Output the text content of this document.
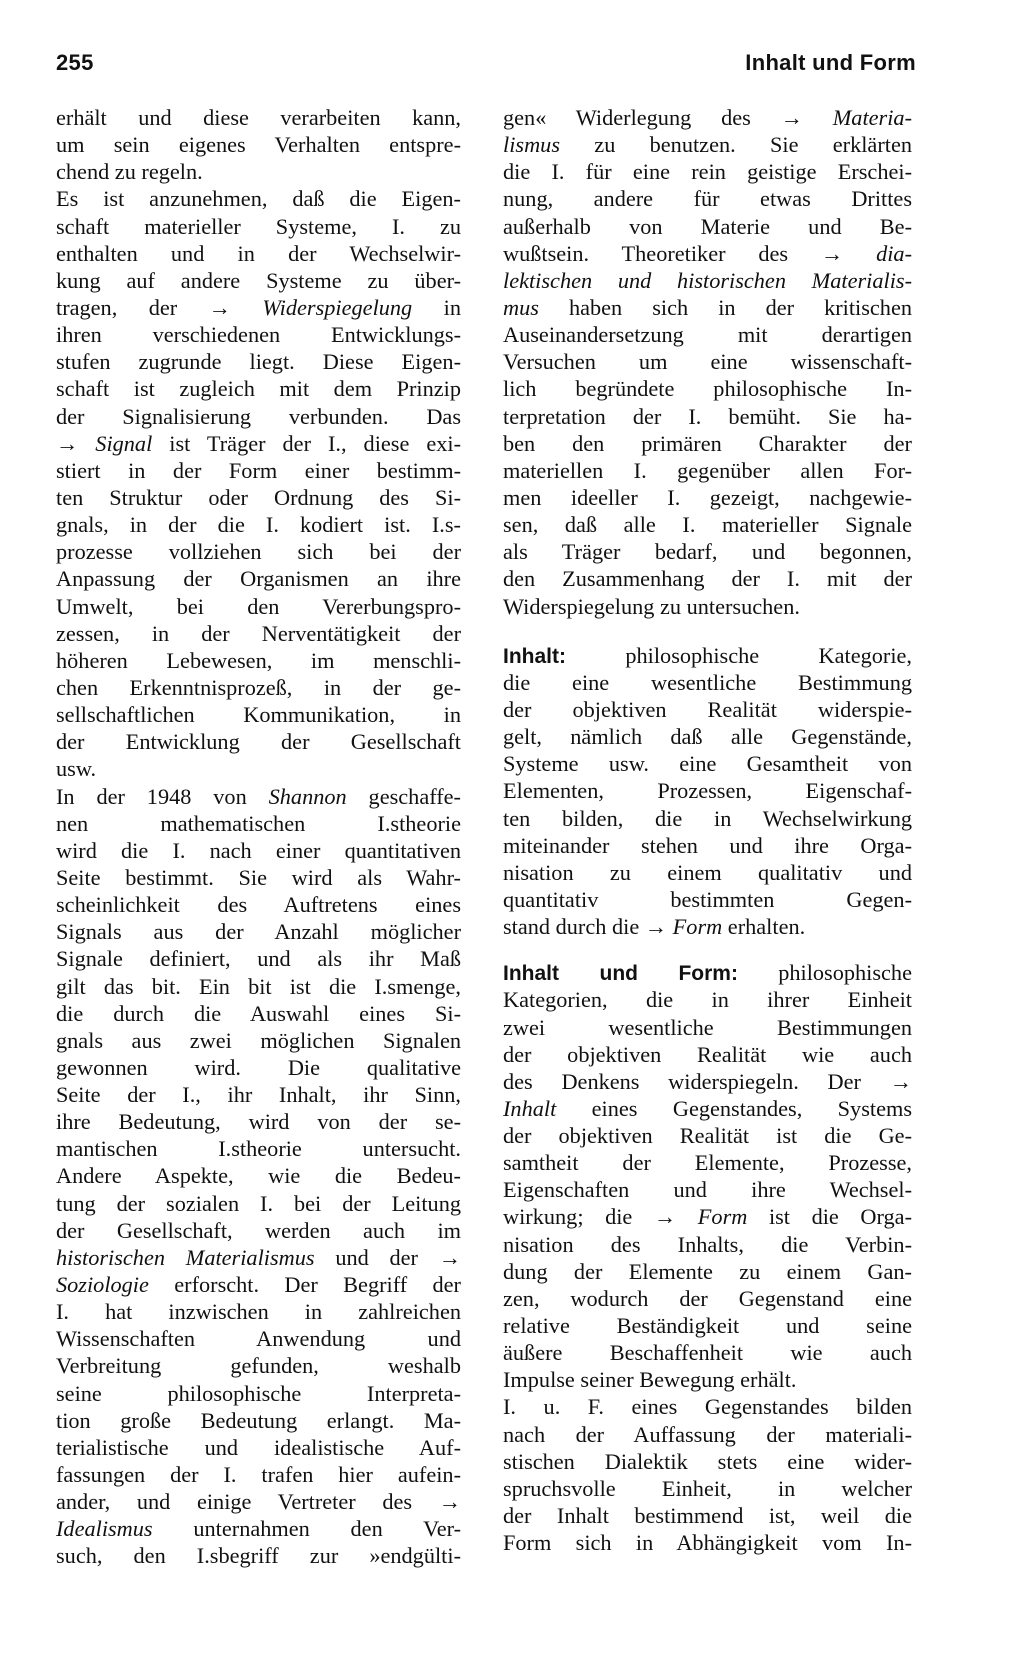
255	Inhalt und Form
erhält und diese verarbeiten kann,
um sein eigenes Verhalten entspre-
chend zu regeln.
Es ist anzunehmen, daß die Eigen-
schaft materieller Systeme, I. zu
enthalten und in der Wechselwir-
kung auf andere Systeme zu über-
tragen, der → Widerspiegelung in
ihren verschiedenen Entwicklungs-
stufen zugrunde liegt. Diese Eigen-
schaft ist zugleich mit dem Prinzip
der Signalisierung verbunden. Das
→ Signal ist Träger der I., diese exi-
stiert in der Form einer bestimm-
ten Struktur oder Ordnung des Si-
gnals, in der die I. kodiert ist. I.s-
prozesse vollziehen sich bei der
Anpassung der Organismen an ihre
Umwelt, bei den Vererbungspro-
zessen, in der Nerventätigkeit der
höheren Lebewesen, im menschli-
chen Erkenntnisprozeß, in der ge-
sellschaftlichen Kommunikation, in
der Entwicklung der Gesellschaft
usw.
In der 1948 von Shannon geschaffe-
nen mathematischen I.stheorie
wird die I. nach einer quantitativen
Seite bestimmt. Sie wird als Wahr-
scheinlichkeit des Auftretens eines
Signals aus der Anzahl möglicher
Signale definiert, und als ihr Maß
gilt das bit. Ein bit ist die I.smenge,
die durch die Auswahl eines Si-
gnals aus zwei möglichen Signalen
gewonnen wird. Die qualitative
Seite der I., ihr Inhalt, ihr Sinn,
ihre Bedeutung, wird von der se-
mantischen I.stheorie untersucht.
Andere Aspekte, wie die Bedeu-
tung der sozialen I. bei der Leitung
der Gesellschaft, werden auch im
historischen Materialismus und der →
Soziologie erforscht. Der Begriff der
I. hat inzwischen in zahlreichen
Wissenschaften Anwendung und
Verbreitung gefunden, weshalb
seine philosophische Interpreta-
tion große Bedeutung erlangt. Ma-
terialistische und idealistische Auf-
fassungen der I. trafen hier aufein-
ander, und einige Vertreter des →
Idealismus unternahmen den Ver-
such, den I.sbegriff zur »endgülti-
gen« Widerlegung des → Materia-
lismus zu benutzen. Sie erklärten
die I. für eine rein geistige Erschei-
nung, andere für etwas Drittes
außerhalb von Materie und Be-
wußtsein. Theoretiker des → dia-
lektischen und historischen Materialis-
mus haben sich in der kritischen
Auseinandersetzung mit derartigen
Versuchen um eine wissenschaft-
lich begründete philosophische In-
terpretation der I. bemüht. Sie ha-
ben den primären Charakter der
materiellen I. gegenüber allen For-
men ideeller I. gezeigt, nachgewie-
sen, daß alle I. materieller Signale
als Träger bedarf, und begonnen,
den Zusammenhang der I. mit der
Widerspiegelung zu untersuchen.
Inhalt: philosophische Kategorie,
die eine wesentliche Bestimmung
der objektiven Realität widerspie-
gelt, nämlich daß alle Gegenstände,
Systeme usw. eine Gesamtheit von
Elementen, Prozessen, Eigenschaf-
ten bilden, die in Wechselwirkung
miteinander stehen und ihre Orga-
nisation zu einem qualitativ und
quantitativ bestimmten Gegen-
stand durch die → Form erhalten.
Inhalt und Form: philosophische
Kategorien, die in ihrer Einheit
zwei wesentliche Bestimmungen
der objektiven Realität wie auch
des Denkens widerspiegeln. Der →
Inhalt eines Gegenstandes, Systems
der objektiven Realität ist die Ge-
samtheit der Elemente, Prozesse,
Eigenschaften und ihre Wechsel-
wirkung; die → Form ist die Orga-
nisation des Inhalts, die Verbin-
dung der Elemente zu einem Gan-
zen, wodurch der Gegenstand eine
relative Beständigkeit und seine
äußere Beschaffenheit wie auch
Impulse seiner Bewegung erhält.
I. u. F. eines Gegenstandes bilden
nach der Auffassung der materiali-
stischen Dialektik stets eine wider-
spruchsvolle Einheit, in welcher
der Inhalt bestimmend ist, weil die
Form sich in Abhängigkeit vom In-
